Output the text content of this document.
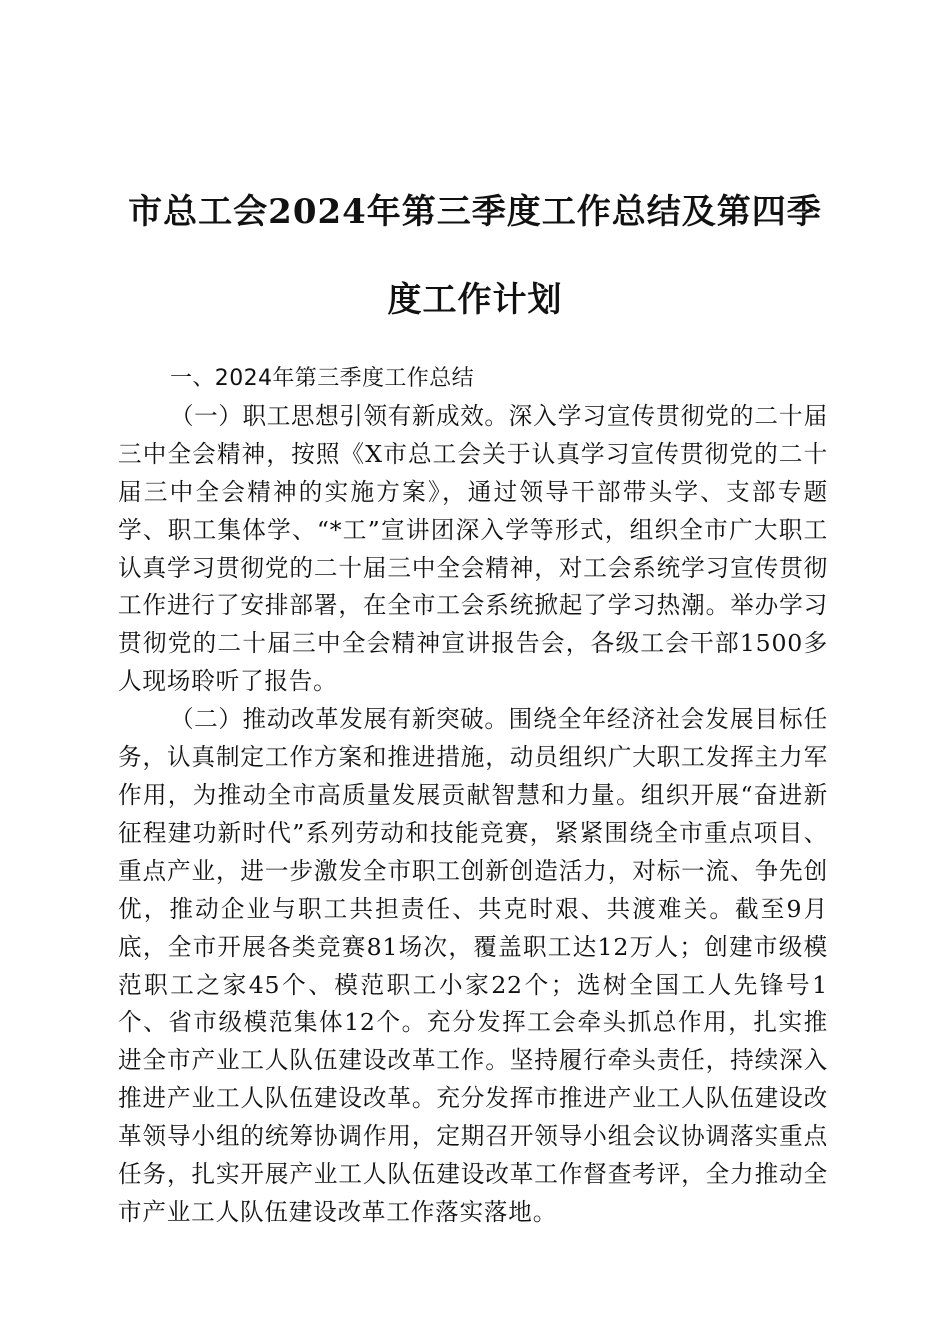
市总工会2024年第三季度工作总结及第四季
度工作计划
一、2024年第三季度工作总结

（一）职工思想引领有新成效。深入学习宣传贯彻党的二十届三中全会精神，按照《X市总工会关于认真学习宣传贯彻党的二十届三中全会精神的实施方案》，通过领导干部带头学、支部专题学、职工集体学、“*工”宣讲团深入学等形式，组织全市广大职工认真学习贯彻党的二十届三中全会精神，对工会系统学习宣传贯彻工作进行了安排部署，在全市工会系统掀起了学习热潮。举办学习贯彻党的二十届三中全会精神宣讲报告会，各级工会干部1500多人现场聆听了报告。

（二）推动改革发展有新突破。围绕全年经济社会发展目标任务，认真制定工作方案和推进措施，动员组织广大职工发挥主力军作用，为推动全市高质量发展贡献智慧和力量。组织开展“奋进新征程建功新时代”系列劳动和技能竞赛，紧紧围绕全市重点项目、重点产业，进一步激发全市职工创新创造活力，对标一流、争先创优，推动企业与职工共担责任、共克时艰、共渡难关。截至9月底，全市开展各类竞赛81场次，覆盖职工达12万人；创建市级模范职工之家45个、模范职工小家22个；选树全国工人先锋号1个、省市级模范集体12个。充分发挥工会牵头抓总作用，扎实推进全市产业工人队伍建设改革工作。坚持履行牵头责任，持续深入推进产业工人队伍建设改革。充分发挥市推进产业工人队伍建设改革领导小组的统筹协调作用，定期召开领导小组会议协调落实重点任务，扎实开展产业工人队伍建设改革工作督查考评，全力推动全市产业工人队伍建设改革工作落实落地。
